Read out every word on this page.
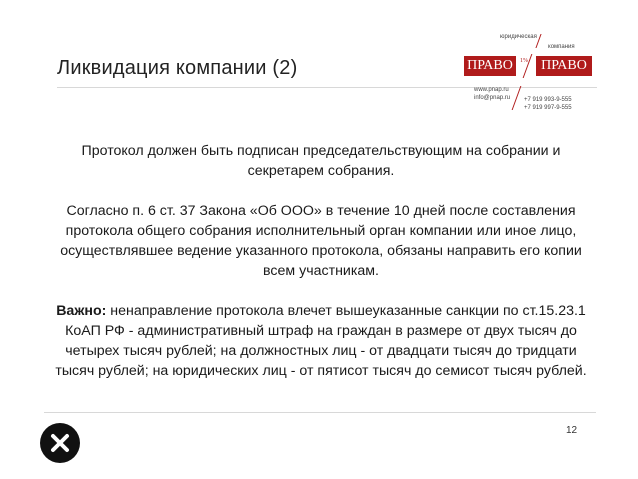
Ликвидация компании (2)
юридическая
компания
ПРАВО	1% ПРАВО
www.pnap.ru
info@pnap.ru +7 919 993-9-555
+7 919 997-9-555

Протокол должен быть подписан председательствующим на собрании и секретарем собрания.

Согласно п. 6 ст. 37 Закона «Об ООО» в течение 10 дней после составления протокола общего собрания исполнительный орган компании или иное лицо, осуществлявшее ведение указанного протокола, обязаны направить его копии всем участникам.

Важно: ненаправление протокола влечет вышеуказанные санкции по ст.15.23.1 КоАП РФ - административный штраф на граждан в размере от двух тысяч до четырех тысяч рублей; на должностных лиц - от двадцати тысяч до тридцати тысяч рублей; на юридических лиц - от пятисот тысяч до семисот тысяч рублей.

12
